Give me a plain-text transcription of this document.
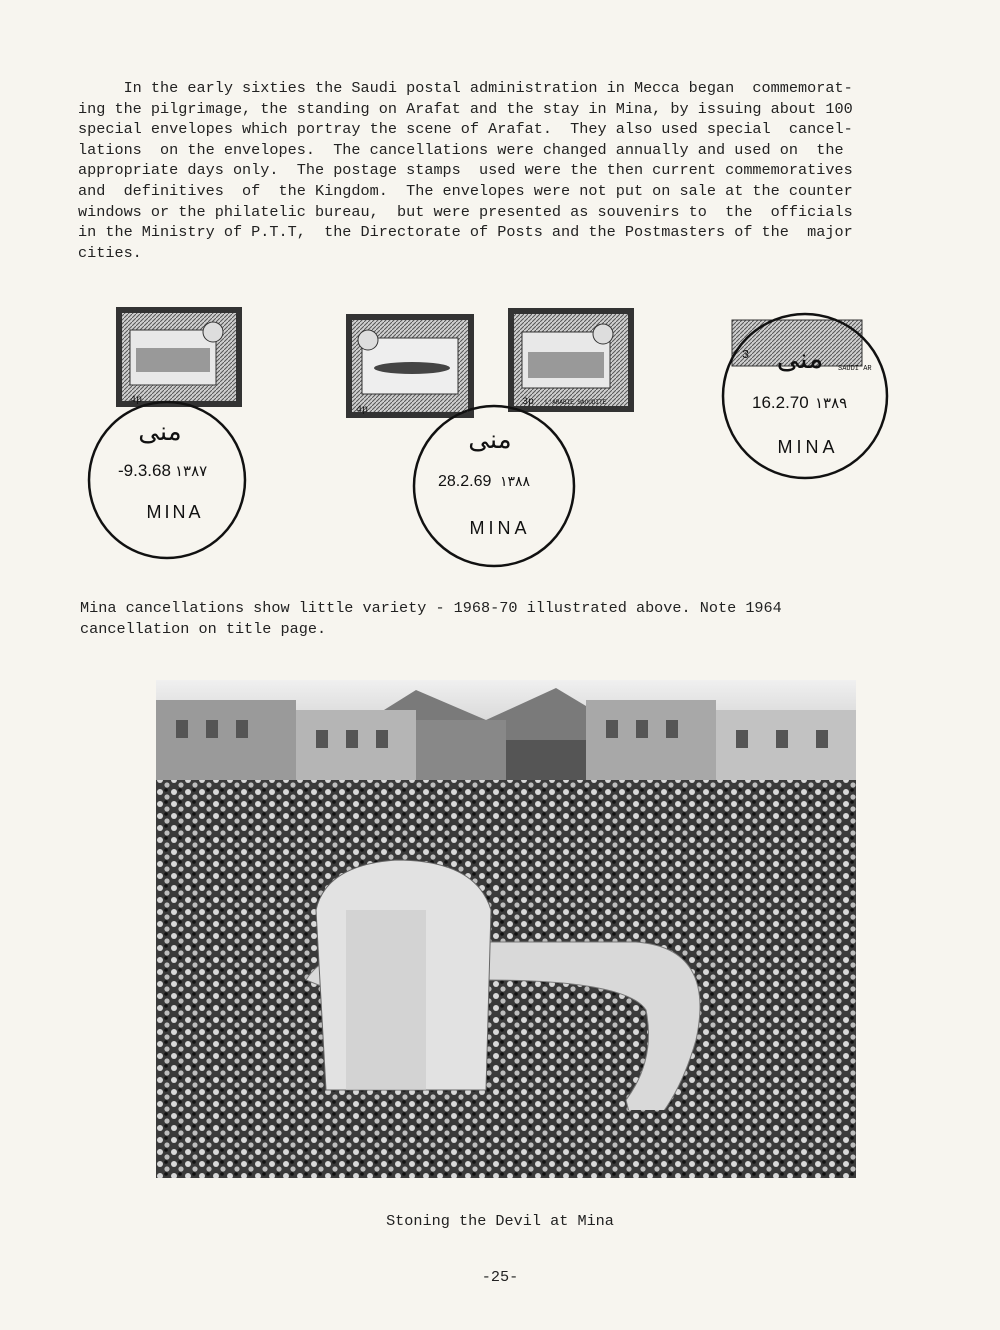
In the early sixties the Saudi postal administration in Mecca began  commemorat-
ing the pilgrimage, the standing on Arafat and the stay in Mina, by issuing about 100
special envelopes which portray the scene of Arafat.  They also used special  cancel-
lations  on the envelopes.  The cancellations were changed annually and used on  the
appropriate days only.  The postage stamps  used were the then current commemoratives
and  definitives  of  the Kingdom.  The envelopes were not put on sale at the counter
windows or the philatelic bureau,  but were presented as souvenirs to  the  officials
in the Ministry of P.T.T,  the Directorate of Posts and the Postmasters of the  major
cities.
4p
منى
-9.3.68 ١٣٨٧
MINA
4p
3p L'ARABIE SAOUDITE
منى
28.2.69 ١٣٨٨
MINA
3
SAUDI AR
منى
16.2.70 ١٣٨٩
MINA
Mina cancellations show little variety - 1968-70 illustrated above. Note 1964
cancellation on title page.
Stoning the Devil at Mina
-25-
